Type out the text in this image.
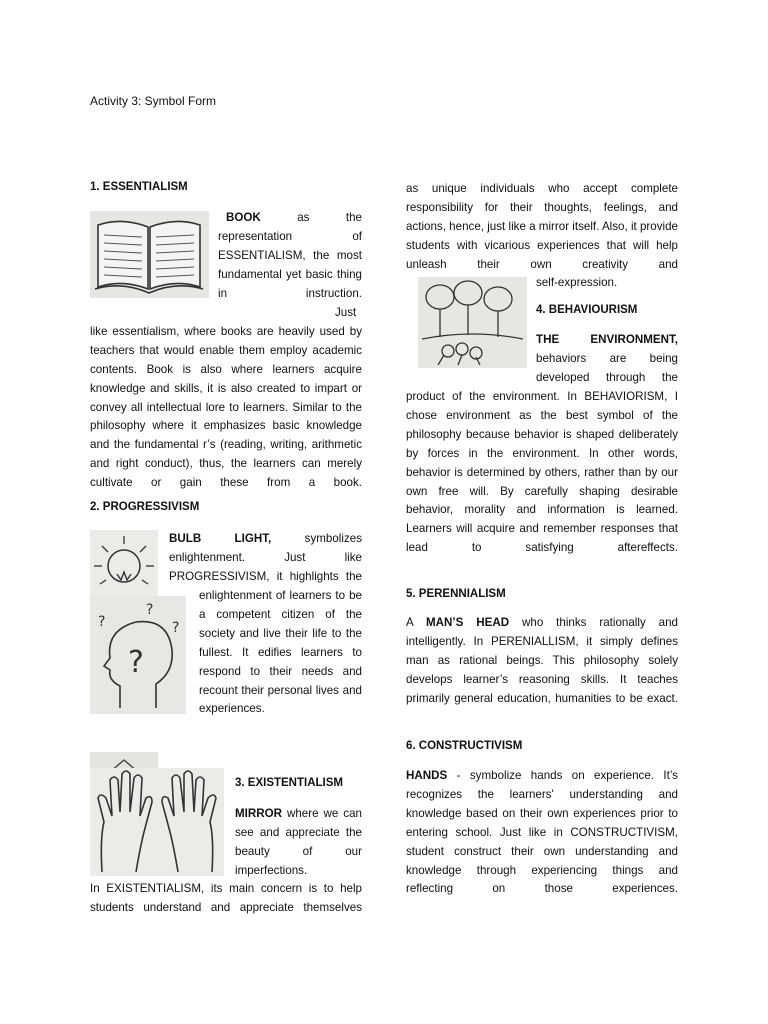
Activity 3: Symbol Form
1. ESSENTIALISM
BOOK	as the representation of ESSENTIALISM, the most fundamental yet basic thing in instruction.
Just like essentialism, where books are heavily used by teachers that would enable them employ academic contents. Book is also where learners acquire knowledge and skills, it is also created to impart or convey all intellectual lore to learners. Similar to the philosophy where it emphasizes basic knowledge and the fundamental r’s (reading, writing, arithmetic and right conduct), thus, the learners can merely cultivate or gain these from a book.
2. PROGRESSIVISM
?
?
?
?
BULB LIGHT,	symbolizes enlightenment. Just like PROGRESSIVISM, it highlights the
enlightenment of learners to be a competent citizen of the society and live their life to the fullest. It edifies learners to respond to their needs and recount their personal lives and experiences.
3. EXISTENTIALISM
MIRROR where we can see and appreciate the beauty of our imperfections.
In EXISTENTIALISM, its main concern is to help students understand and appreciate themselves
as unique individuals who accept complete responsibility for their thoughts, feelings, and actions, hence, just like a mirror itself. Also, it provide students with vicarious experiences that will help unleash their own creativity and
self-expression.
4. BEHAVIOURISM
THE ENVIRONMENT, behaviors are being developed through the
product of the environment. In BEHAVIORISM, I chose environment as the best symbol of the philosophy because behavior is shaped deliberately by forces in the environment. In other words, behavior is determined by others, rather than by our own free will. By carefully shaping desirable behavior, morality and information is learned. Learners will acquire and remember responses that lead to satisfying aftereffects.
5. PERENNIALISM
A MAN’S HEAD who thinks rationally and intelligently. In PERENIALLISM, it simply defines man as rational beings. This philosophy solely develops learner’s reasoning skills. It teaches primarily general education, humanities to be exact.
6. CONSTRUCTIVISM
HANDS - symbolize hands on experience. It’s recognizes the learners' understanding and knowledge based on their own experiences prior to entering school. Just like in CONSTRUCTIVISM, student construct their own understanding and knowledge through experiencing things and reflecting on those experiences.
